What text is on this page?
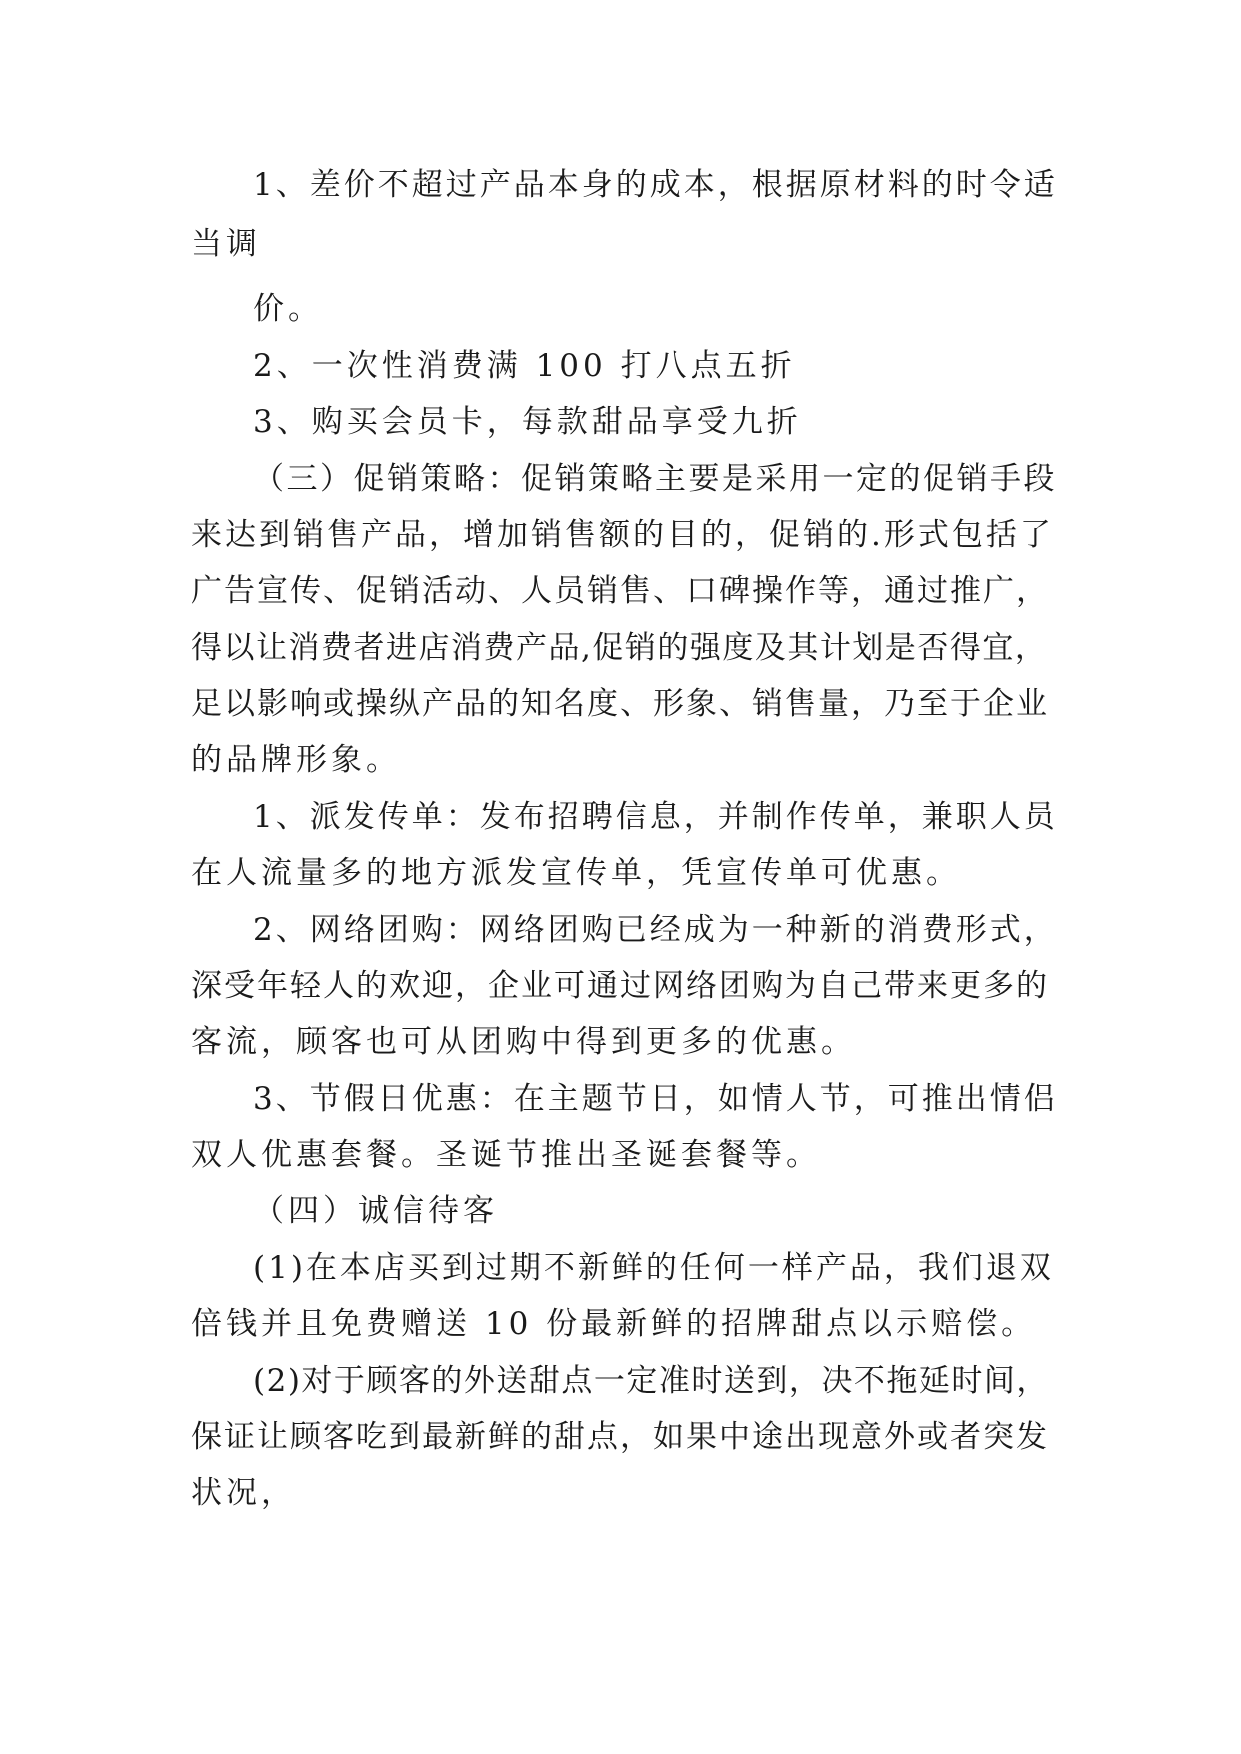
1、差价不超过产品本身的成本，根据原材料的时令适
当调
价。
2、一次性消费满 100 打八点五折
3、购买会员卡，每款甜品享受九折
（三）促销策略：促销策略主要是采用一定的促销手段
来达到销售产品，增加销售额的目的，促销的.形式包括了
广告宣传、促销活动、人员销售、口碑操作等，通过推广，
得以让消费者进店消费产品,促销的强度及其计划是否得宜，
足以影响或操纵产品的知名度、形象、销售量，乃至于企业
的品牌形象。
1、派发传单：发布招聘信息，并制作传单，兼职人员
在人流量多的地方派发宣传单，凭宣传单可优惠。
2、网络团购：网络团购已经成为一种新的消费形式，
深受年轻人的欢迎，企业可通过网络团购为自己带来更多的
客流，顾客也可从团购中得到更多的优惠。
3、节假日优惠：在主题节日，如情人节，可推出情侣
双人优惠套餐。圣诞节推出圣诞套餐等。
（四）诚信待客
(1)在本店买到过期不新鲜的任何一样产品，我们退双
倍钱并且免费赠送 10 份最新鲜的招牌甜点以示赔偿。
(2)对于顾客的外送甜点一定准时送到，决不拖延时间，
保证让顾客吃到最新鲜的甜点，如果中途出现意外或者突发
状况，
